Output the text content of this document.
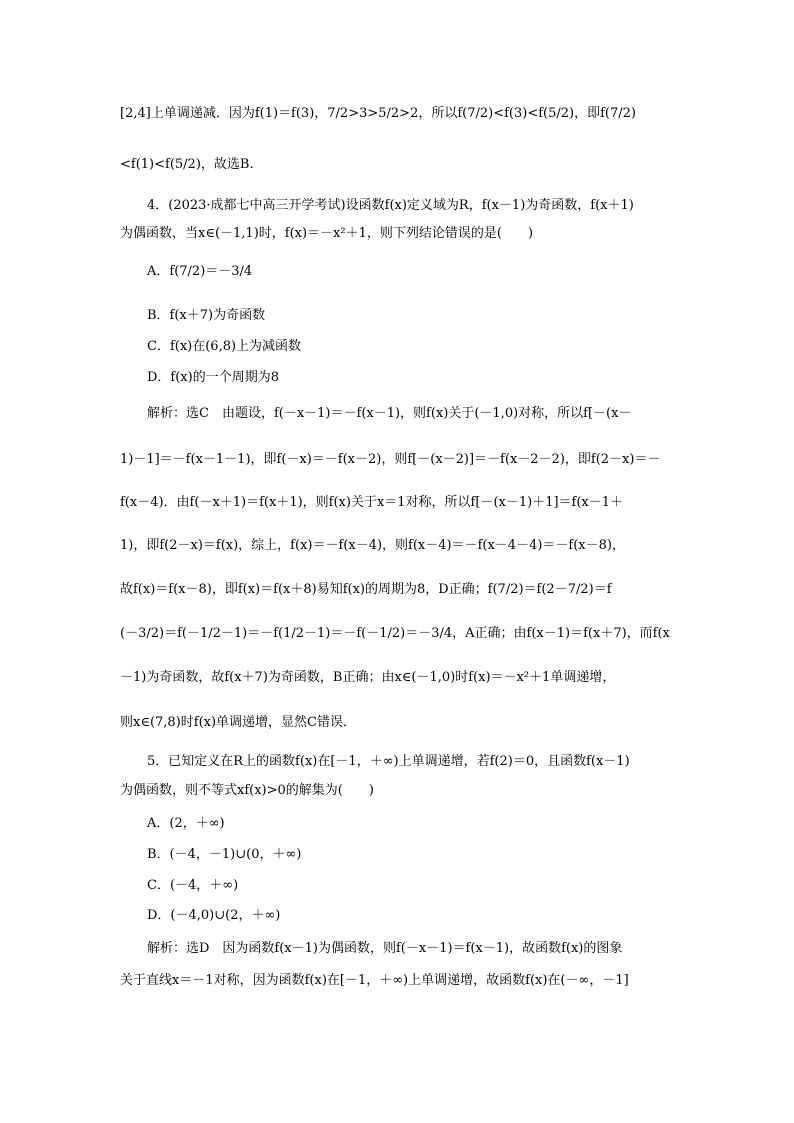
[2,4]上单调递减．因为f(1)＝f(3)，7/2>3>5/2>2，所以f(7/2)<f(3)<f(5/2)，即f(7/2)
<f(1)<f(5/2)，故选B.
4．(2023·成都七中高三开学考试)设函数f(x)定义域为R，f(x－1)为奇函数，f(x＋1)
为偶函数，当x∈(－1,1)时，f(x)＝－x²＋1，则下列结论错误的是(　　)
A．f(7/2)＝－3/4
B．f(x＋7)为奇函数
C．f(x)在(6,8)上为减函数
D．f(x)的一个周期为8
解析：选C　由题设，f(－x－1)＝－f(x－1)，则f(x)关于(－1,0)对称，所以f[－(x－
1)－1]＝－f(x－1－1)，即f(－x)＝－f(x－2)，则f[－(x－2)]＝－f(x－2－2)，即f(2－x)＝－
f(x－4)．由f(－x＋1)＝f(x＋1)，则f(x)关于x＝1对称，所以f[－(x－1)＋1]＝f(x－1＋
1)，即f(2－x)＝f(x)，综上，f(x)＝－f(x－4)，则f(x－4)＝－f(x－4－4)＝－f(x－8)，
故f(x)＝f(x－8)，即f(x)＝f(x＋8)易知f(x)的周期为8，D正确；f(7/2)＝f(2－7/2)＝f
(－3/2)＝f(－1/2－1)＝－f(1/2－1)＝－f(－1/2)＝－3/4，A正确；由f(x－1)＝f(x＋7)，而f(x
－1)为奇函数，故f(x＋7)为奇函数，B正确；由x∈(－1,0)时f(x)＝－x²＋1单调递增，
则x∈(7,8)时f(x)单调递增，显然C错误．
5．已知定义在R上的函数f(x)在[－1，＋∞)上单调递增，若f(2)＝0，且函数f(x－1)
为偶函数，则不等式xf(x)>0的解集为(　　)
A．(2，＋∞)
B．(－4，－1)∪(0，＋∞)
C．(－4，＋∞)
D．(－4,0)∪(2，＋∞)
解析：选D　因为函数f(x－1)为偶函数，则f(－x－1)＝f(x－1)，故函数f(x)的图象
关于直线x＝－1对称，因为函数f(x)在[－1，＋∞)上单调递增，故函数f(x)在(－∞，－1]
